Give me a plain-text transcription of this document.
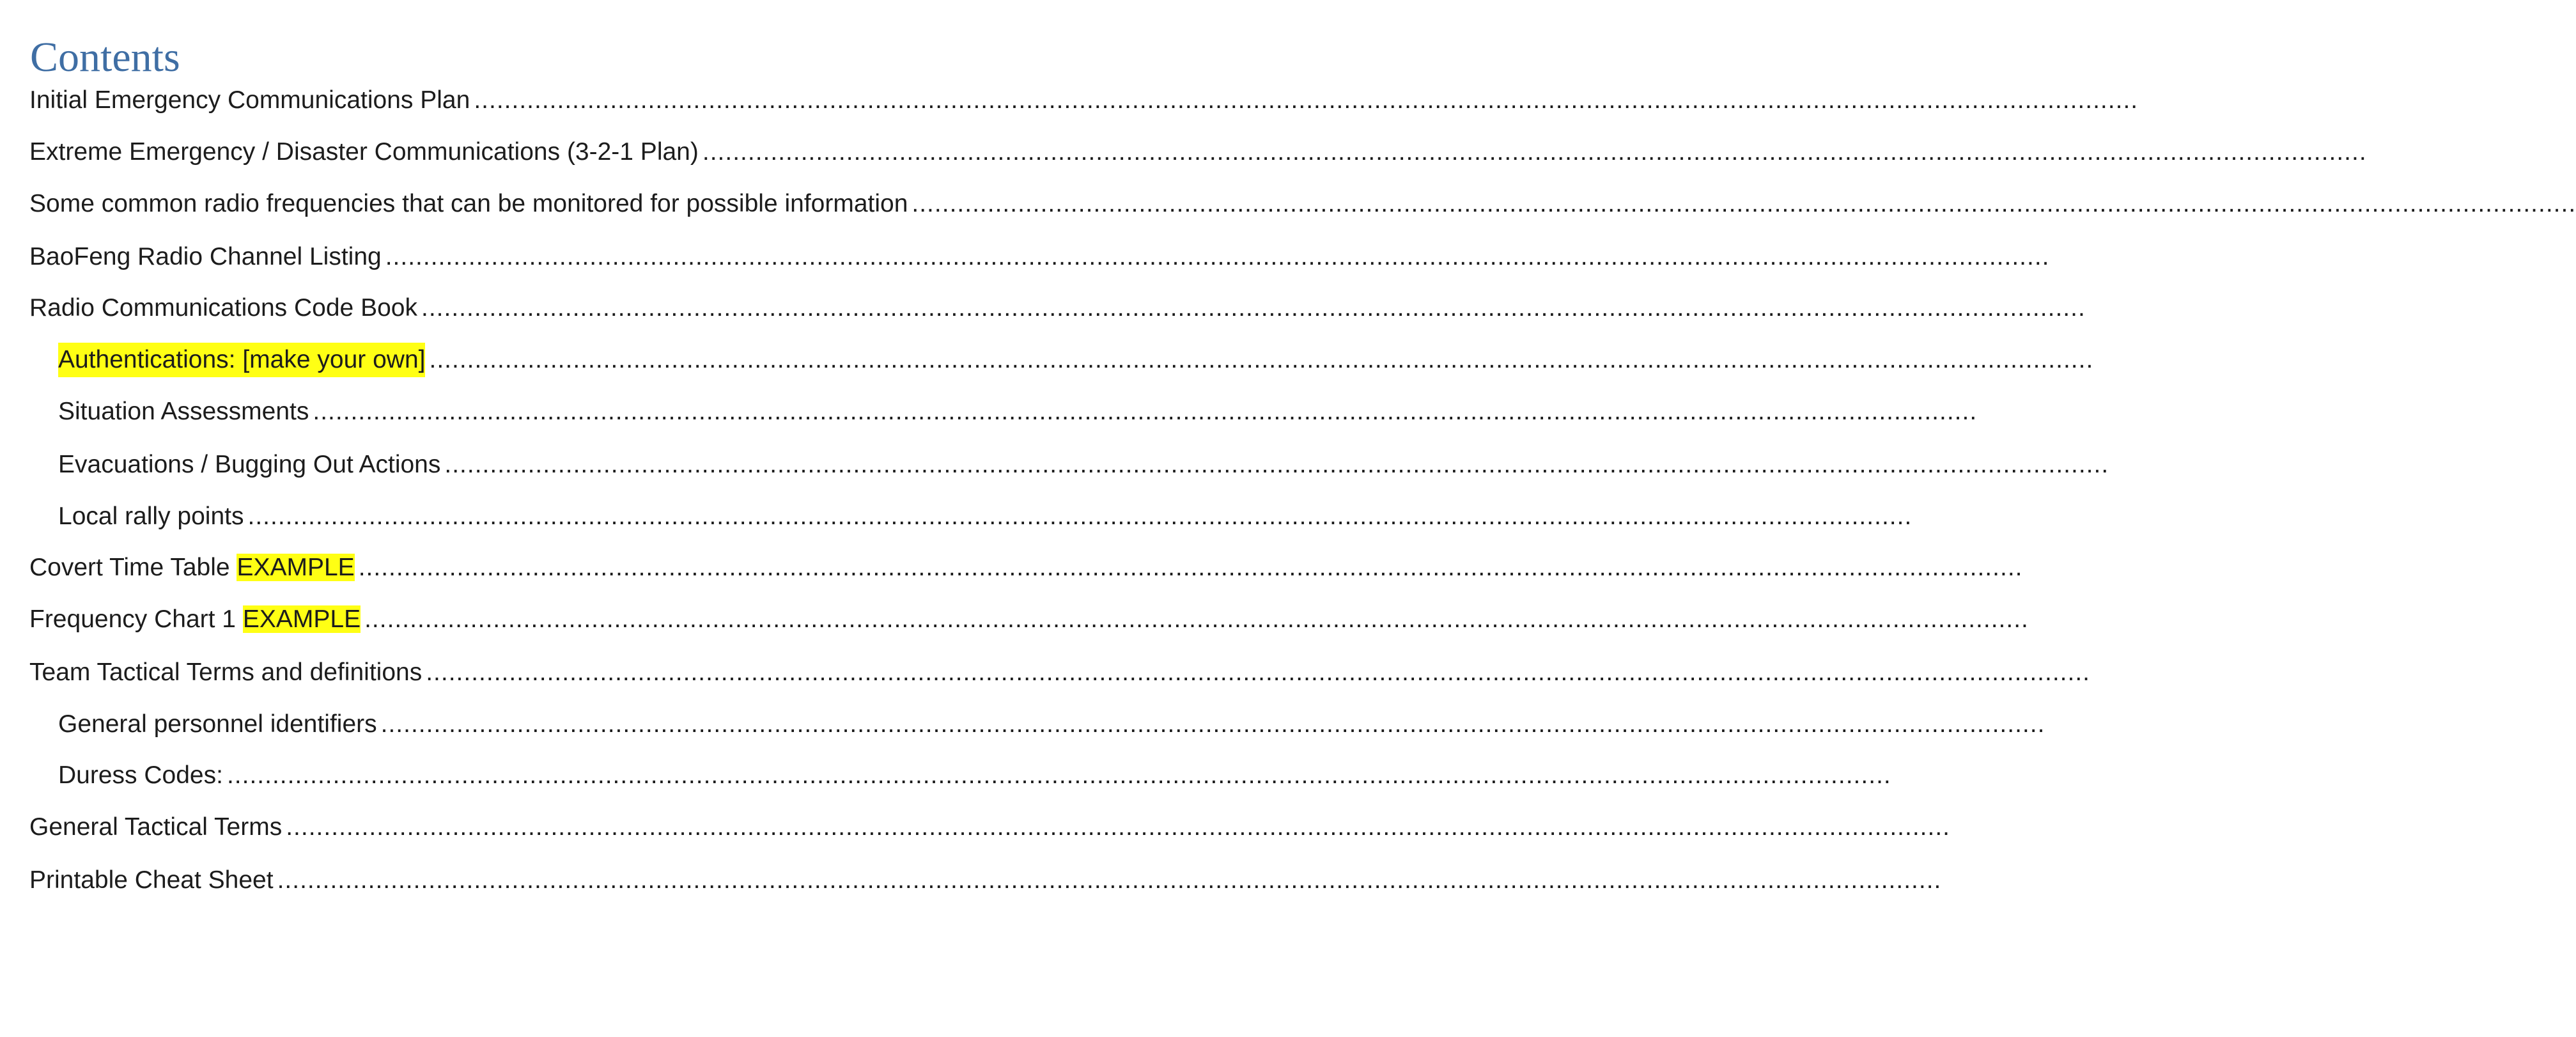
Contents
Initial Emergency Communications Plan ............................................................................................................................................................................................................................
Extreme Emergency / Disaster Communications (3-2-1 Plan) ............................................................................................................................................................................................................................
Some common radio frequencies that can be monitored for possible information ............................................................................................................................................................................................................................
BaoFeng Radio Channel Listing ............................................................................................................................................................................................................................
Radio Communications Code Book ............................................................................................................................................................................................................................
Authentications: [make your own] ............................................................................................................................................................................................................................
Situation Assessments ............................................................................................................................................................................................................................
Evacuations / Bugging Out Actions ............................................................................................................................................................................................................................
Local rally points ............................................................................................................................................................................................................................
Covert Time Table EXAMPLE ............................................................................................................................................................................................................................
Frequency Chart 1 EXAMPLE ............................................................................................................................................................................................................................
Team Tactical Terms and definitions ............................................................................................................................................................................................................................
General personnel identifiers ............................................................................................................................................................................................................................
Duress Codes: ............................................................................................................................................................................................................................
General Tactical Terms ............................................................................................................................................................................................................................
Printable Cheat Sheet ............................................................................................................................................................................................................................
